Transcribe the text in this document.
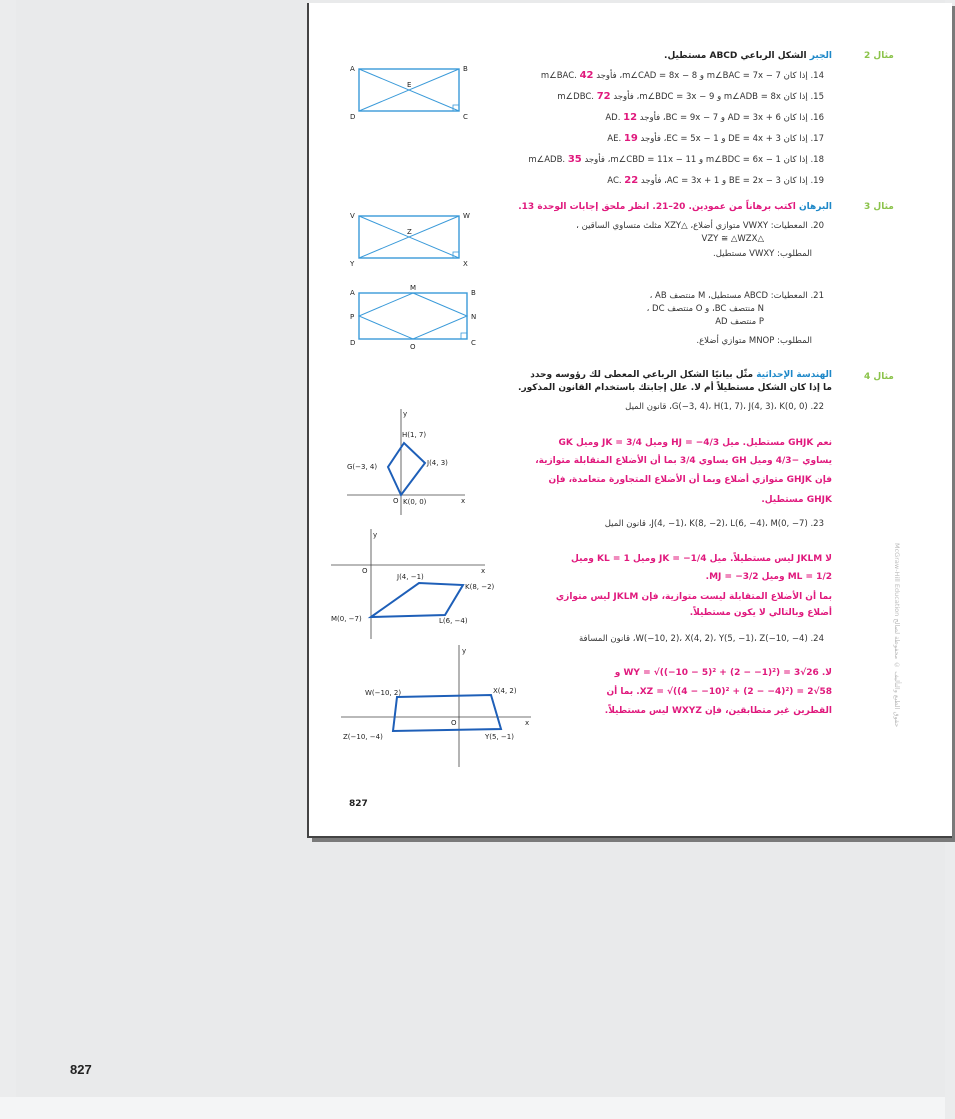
مثال 2
الجبر الشكل الرباعي ABCD مستطيل.
14. إذا كان m∠BAC = 7x − 7 و m∠CAD = 8x − 8، فأوجد m∠BAC. 42
15. إذا كان m∠ADB = 8x و m∠BDC = 3x − 9، فأوجد m∠DBC. 72
16. إذا كان AD = 3x + 6 و BC = 9x − 7، فأوجد AD. 12
17. إذا كان DE = 4x + 3 و EC = 5x − 1، فأوجد AE. 19
18. إذا كان m∠BDC = 6x − 1 و m∠CBD = 11x − 11، فأوجد m∠ADB. 35
19. إذا كان BE = 2x − 3 و AC = 3x + 1، فأوجد AC. 22
A	B
C
D
E
مثال 3
البرهان اكتب برهاناً من عمودين. 20–21. انظر ملحق إجابات الوحدة 13.
20. المعطيات: VWXY متوازي أضلاع، △XZY مثلث متساوي الساقين ،
△VZY ≅ △WZX
المطلوب: VWXY مستطيل.
V	W
X
Y
Z
21. المعطيات: ABCD مستطيل، M منتصف AB ،
N منتصف BC، و O منتصف DC ،
P منتصف AD
المطلوب: MNOP متوازي أضلاع.
A
M
B
P	N
D	O	C
مثال 4
الهندسة الإحداثية مثّل بيانيًا الشكل الرباعي المعطى لك رؤوسه وحدد
ما إذا كان الشكل مستطيلاً أم لا. علل إجابتك باستخدام القانون المذكور.
22. G(−3, 4)، H(1, 7)، J(4, 3)، K(0, 0)، قانون الميل
نعم GHJK مستطيل. ميل HJ = −4/3 وميل JK = 3/4 وميل GK
يساوي −4/3 وميل GH يساوي 3/4 بما أن الأضلاع المتقابلة متوازية،
فإن GHJK متوازي أضلاع وبما أن الأضلاع المتجاورة متعامدة، فإن
GHJK مستطيل.
H(1, 7)
G(−3, 4)	J(4, 3)
K(0, 0)
O	x
y
23. J(4, −1)، K(8, −2)، L(6, −4)، M(0, −7)، قانون الميل
لا JKLM ليس مستطيلاً. ميل JK = −1/4 وميل KL = 1 وميل
ML = 1/2 وميل MJ = −3/2.
بما أن الأضلاع المتقابلة ليست متوازية، فإن JKLM ليس متوازي
أضلاع وبالتالي لا يكون مستطيلاً.
J(4, −1)
K(8, −2)
L(6, −4)
M(0, −7)
O	x
y
24. W(−10, 2)، X(4, 2)، Y(5, −1)، Z(−10, −4)، قانون المسافة
لا. WY = √((−10 − 5)² + (2 − −1)²) = 3√26 و
XZ = √((4 − −10)² + (2 − −4)²) = 2√58. بما أن
القطرين غير متطابقين، فإن WXYZ ليس مستطيلاً.
W(−10, 2)	X(4, 2)
Y(5, −1)
Z(−10, −4)
O	x
y
McGraw-Hill Education حقوق الطبع والتأليف © محفوظة لصالح
827
827
